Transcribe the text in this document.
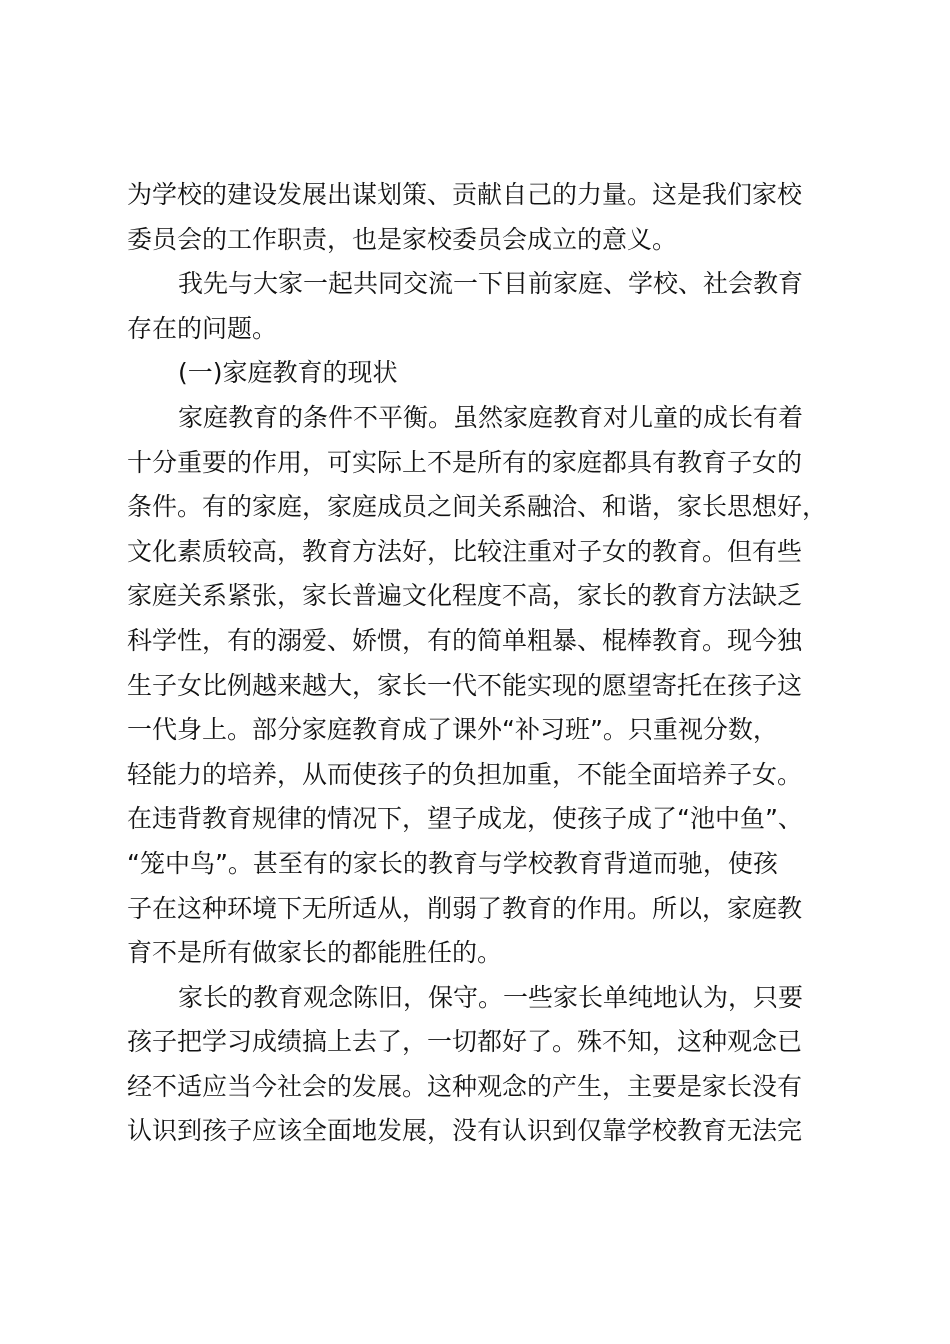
为学校的建设发展出谋划策、贡献自己的力量。这是我们家校
委员会的工作职责，也是家校委员会成立的意义。
我先与大家一起共同交流一下目前家庭、学校、社会教育
存在的问题。
(一)家庭教育的现状
家庭教育的条件不平衡。虽然家庭教育对儿童的成长有着
十分重要的作用，可实际上不是所有的家庭都具有教育子女的
条件。有的家庭，家庭成员之间关系融洽、和谐，家长思想好，
文化素质较高，教育方法好，比较注重对子女的教育。但有些
家庭关系紧张，家长普遍文化程度不高，家长的教育方法缺乏
科学性，有的溺爱、娇惯，有的简单粗暴、棍棒教育。现今独
生子女比例越来越大，家长一代不能实现的愿望寄托在孩子这
一代身上。部分家庭教育成了课外“补习班”。只重视分数，
轻能力的培养，从而使孩子的负担加重，不能全面培养子女。
在违背教育规律的情况下，望子成龙，使孩子成了“池中鱼”、
“笼中鸟”。甚至有的家长的教育与学校教育背道而驰，使孩
子在这种环境下无所适从，削弱了教育的作用。所以，家庭教
育不是所有做家长的都能胜任的。
家长的教育观念陈旧，保守。一些家长单纯地认为，只要
孩子把学习成绩搞上去了，一切都好了。殊不知，这种观念已
经不适应当今社会的发展。这种观念的产生，主要是家长没有
认识到孩子应该全面地发展，没有认识到仅靠学校教育无法完
